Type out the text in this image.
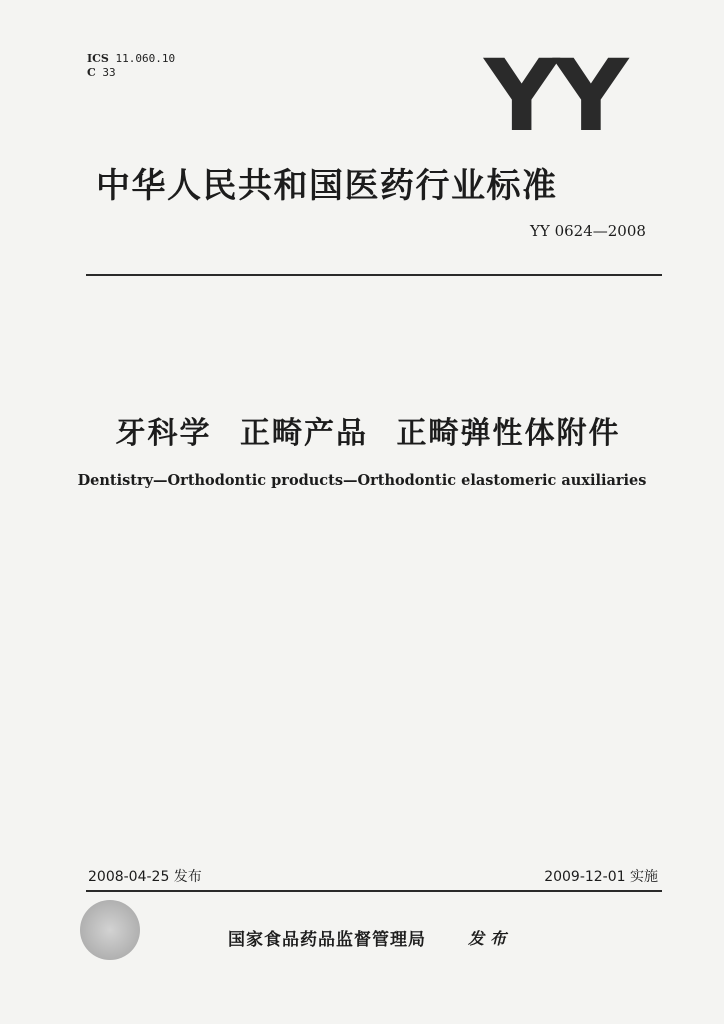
ICS 11.060.10
C 33	YY
中华人民共和国医药行业标准
YY 0624—2008
牙科学 正畸产品 正畸弹性体附件
Dentistry—Orthodontic products—Orthodontic elastomeric auxiliaries
2008-04-25 发布	2009-12-01 实施
国家食品药品监督管理局	发布
